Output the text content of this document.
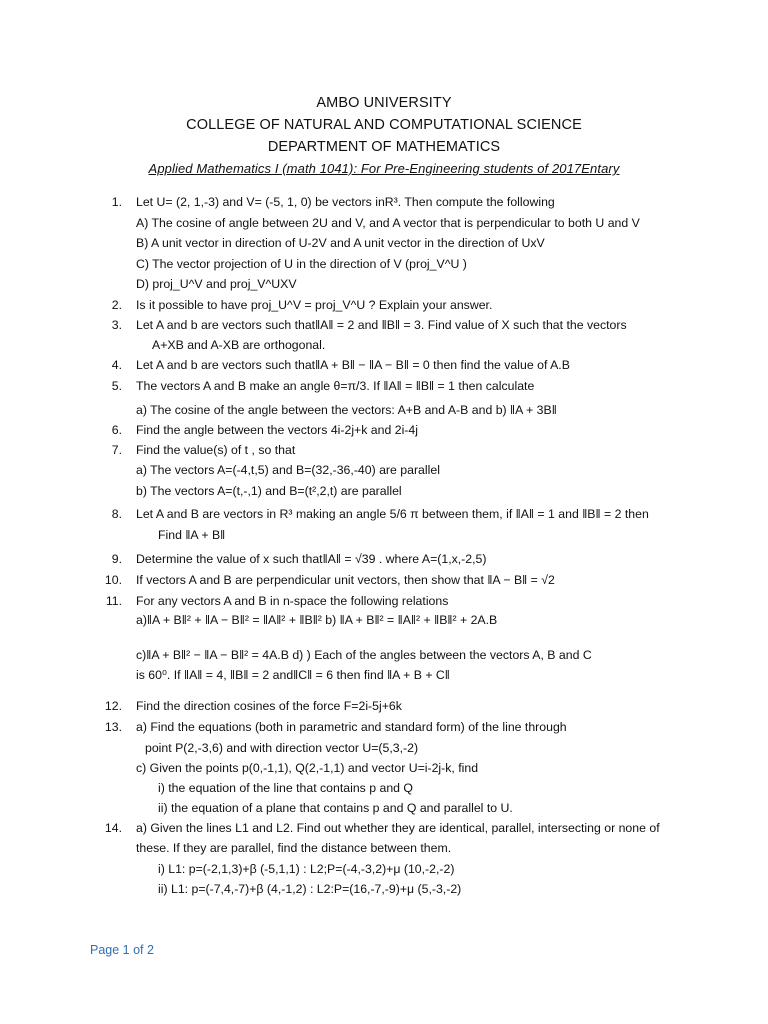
AMBO UNIVERSITY
COLLEGE OF NATURAL AND COMPUTATIONAL SCIENCE
DEPARTMENT OF MATHEMATICS
Applied Mathematics I (math 1041): For Pre-Engineering students of 2017Entary
1. Let U= (2, 1,-3) and V= (-5, 1, 0) be vectors inR³. Then compute the following
A) The cosine of angle between 2U and V, and A vector that is perpendicular to both U and V
B) A unit vector in direction of U-2V and A unit vector in the direction of UxV
C) The vector projection of U in the direction of V (proj_V^U )
D) proj_U^V and proj_V^UXV
2. Is it possible to have proj_U^V = proj_V^U ? Explain your answer.
3. Let A and b are vectors such that‖A‖ = 2 and ‖B‖ = 3. Find value of X such that the vectors
A+XB and A-XB are orthogonal.
4. Let A and b are vectors such that‖A + B‖ − ‖A − B‖ = 0 then find the value of A.B
5. The vectors A and B make an angle θ=π/3. If ‖A‖ = ‖B‖ = 1 then calculate
a) The cosine of the angle between the vectors: A+B and A-B and b) ‖A + 3B‖
6. Find the angle between the vectors 4i-2j+k and 2i-4j
7. Find the value(s) of t , so that
a) The vectors A=(-4,t,5) and B=(32,-36,-40) are parallel
b) The vectors A=(t,-,1) and B=(t²,2,t) are parallel
8. Let A and B are vectors in R³ making an angle 5/6 π between them, if ‖A‖ = 1 and ‖B‖ = 2 then
Find ‖A + B‖
9. Determine the value of x such that‖A‖ = √39 . where A=(1,x,-2,5)
10. If vectors A and B are perpendicular unit vectors, then show that ‖A − B‖ = √2
11. For any vectors A and B in n-space the following relations
a)‖A + B‖² + ‖A − B‖² = ‖A‖² + ‖B‖² b) ‖A + B‖² = ‖A‖² + ‖B‖² + 2A.B
c)‖A + B‖² − ‖A − B‖² = 4A.B d) ) Each of the angles between the vectors A, B and C
is 60⁰. If ‖A‖ = 4, ‖B‖ = 2 and‖C‖ = 6 then find ‖A + B + C‖
12. Find the direction cosines of the force F=2i-5j+6k
13. a) Find the equations (both in parametric and standard form) of the line through
point P(2,-3,6) and with direction vector U=(5,3,-2)
c) Given the points p(0,-1,1), Q(2,-1,1) and vector U=i-2j-k, find
i) the equation of the line that contains p and Q
ii) the equation of a plane that contains p and Q and parallel to U.
14. a) Given the lines L1 and L2. Find out whether they are identical, parallel, intersecting or none of
these. If they are parallel, find the distance between them.
i) L1: p=(-2,1,3)+β (-5,1,1) : L2;P=(-4,-3,2)+μ (10,-2,-2)
ii) L1: p=(-7,4,-7)+β (4,-1,2) : L2:P=(16,-7,-9)+μ (5,-3,-2)
Page 1 of 2
